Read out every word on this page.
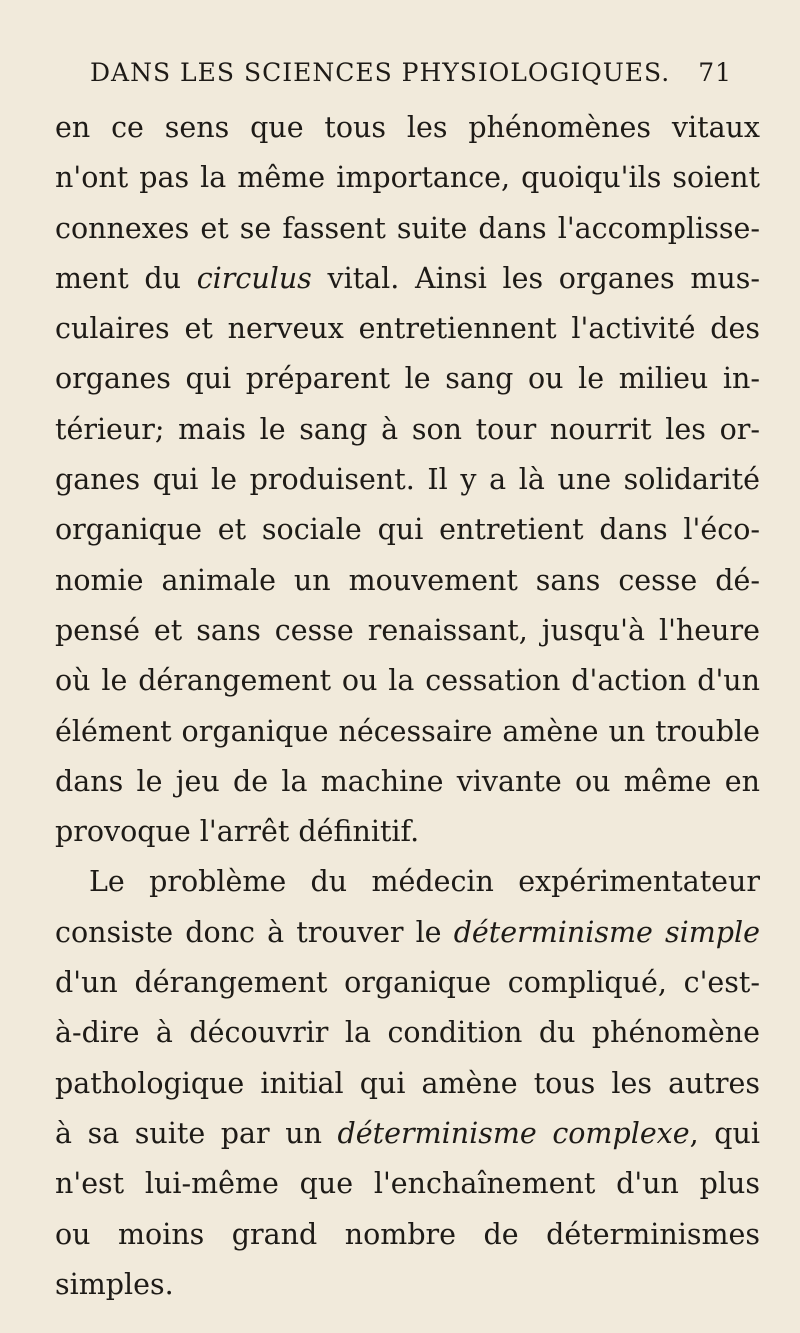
DANS LES SCIENCES PHYSIOLOGIQUES. 71
en ce sens que tous les phénomènes vitaux
n'ont pas la même importance, quoiqu'ils soient
connexes et se fassent suite dans l'accomplisse-
ment du circulus vital. Ainsi les organes mus-
culaires et nerveux entretiennent l'activité des
organes qui préparent le sang ou le milieu in-
térieur; mais le sang à son tour nourrit les or-
ganes qui le produisent. Il y a là une solidarité
organique et sociale qui entretient dans l'éco-
nomie animale un mouvement sans cesse dé-
pensé et sans cesse renaissant, jusqu'à l'heure
où le dérangement ou la cessation d'action d'un
élément organique nécessaire amène un trouble
dans le jeu de la machine vivante ou même en
provoque l'arrêt définitif.
Le problème du médecin expérimentateur
consiste donc à trouver le déterminisme simple
d'un dérangement organique compliqué, c'est-
à-dire à découvrir la condition du phénomène
pathologique initial qui amène tous les autres
à sa suite par un déterminisme complexe, qui
n'est lui-même que l'enchaînement d'un plus
ou moins grand nombre de déterminismes
simples.
